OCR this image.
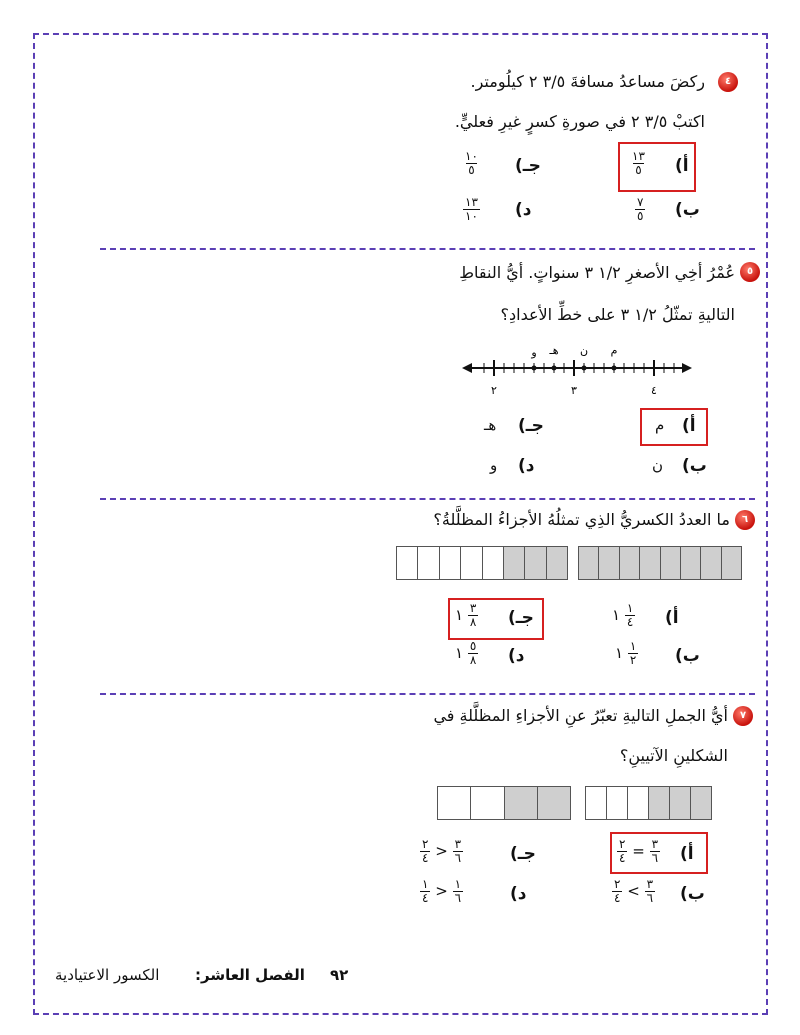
٤
ركضَ مساعدُ مسافةَ ٣/٥ ٢ كيلُومتر.
اكتبْ ٣/٥ ٢ في صورةِ كسرٍ غيرِ فعليٍّ.
أ)
$\frac{١٣}{٥}$
جـ)
$\frac{١٠}{٥}$
ب)
$\frac{٧}{٥}$
د)
$\frac{١٣}{١٠}$
٥
عُمْرُ أخِي الأصغرِ ١/٢ ٣ سنواتٍ. أيُّ النقاطِ
التاليةِ تمثّلُ ١/٢ ٣ على خطِّ الأعدادِ؟
٢	٣	٤
و هـ ن م
أ)
م
جـ)
هـ
ب)
ن
د)
و
٦
ما العددُ الكسريُّ الذِي تمثلُهُ الأجزاءُ المظلَّلةُ؟
أ)
١ $\frac{١}{٤}$
جـ)
١ $\frac{٣}{٨}$
ب)
١ $\frac{١}{٢}$
د)
١ $\frac{٥}{٨}$
٧
أيُّ الجملِ التاليةِ تعبّرُ عنِ الأجزاءِ المظلَّلةِ في
الشكلينِ الآتيينِ؟
أ)
$\frac{٢}{٤} = \frac{٣}{٦}$
جـ)
$\frac{٢}{٤} > \frac{٣}{٦}$
ب)
$\frac{٢}{٤} < \frac{٣}{٦}$
د)
$\frac{١}{٤} > \frac{١}{٦}$
٩٢
الفصل العاشر:
الكسور الاعتيادية
